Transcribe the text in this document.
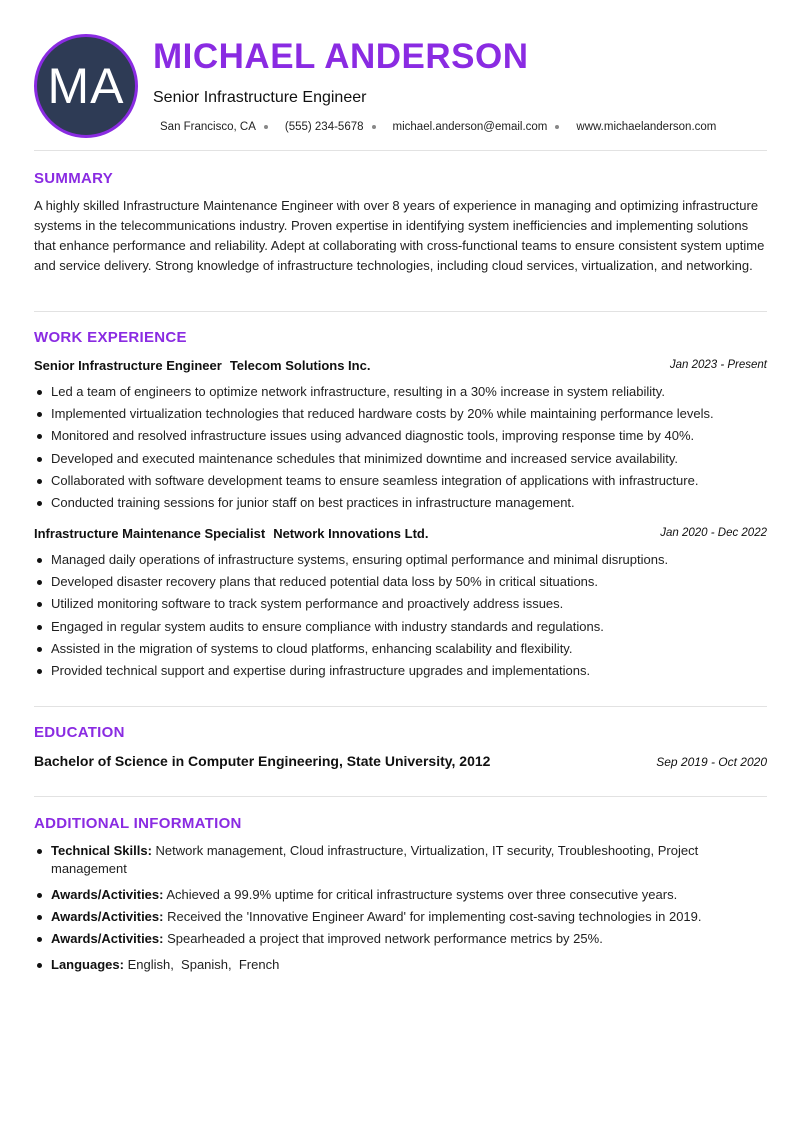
MA
MICHAEL ANDERSON
Senior Infrastructure Engineer
San Francisco, CA	(555) 234-5678	michael.anderson@email.com	www.michaelanderson.com
SUMMARY

A highly skilled Infrastructure Maintenance Engineer with over 8 years of experience in managing and optimizing infrastructure systems in the telecommunications industry. Proven expertise in identifying system inefficiencies and implementing solutions that enhance performance and reliability. Adept at collaborating with cross-functional teams to ensure consistent system uptime and service delivery. Strong knowledge of infrastructure technologies, including cloud services, virtualization, and networking.

WORK EXPERIENCE
Senior Infrastructure Engineer Telecom Solutions Inc.	Jan 2023 - Present
Led a team of engineers to optimize network infrastructure, resulting in a 30% increase in system reliability.
Implemented virtualization technologies that reduced hardware costs by 20% while maintaining performance levels.
Monitored and resolved infrastructure issues using advanced diagnostic tools, improving response time by 40%.
Developed and executed maintenance schedules that minimized downtime and increased service availability.
Collaborated with software development teams to ensure seamless integration of applications with infrastructure.
Conducted training sessions for junior staff on best practices in infrastructure management.
Infrastructure Maintenance Specialist Network Innovations Ltd.	Jan 2020 - Dec 2022
Managed daily operations of infrastructure systems, ensuring optimal performance and minimal disruptions.
Developed disaster recovery plans that reduced potential data loss by 50% in critical situations.
Utilized monitoring software to track system performance and proactively address issues.
Engaged in regular system audits to ensure compliance with industry standards and regulations.
Assisted in the migration of systems to cloud platforms, enhancing scalability and flexibility.
Provided technical support and expertise during infrastructure upgrades and implementations.
EDUCATION
Bachelor of Science in Computer Engineering, State University, 2012	Sep 2019 - Oct 2020
ADDITIONAL INFORMATION
Technical Skills: Network management, Cloud infrastructure, Virtualization, IT security, Troubleshooting, Project management
Awards/Activities: Achieved a 99.9% uptime for critical infrastructure systems over three consecutive years.
Awards/Activities: Received the 'Innovative Engineer Award' for implementing cost-saving technologies in 2019.
Awards/Activities: Spearheaded a project that improved network performance metrics by 25%.
Languages: English,  Spanish,  French
